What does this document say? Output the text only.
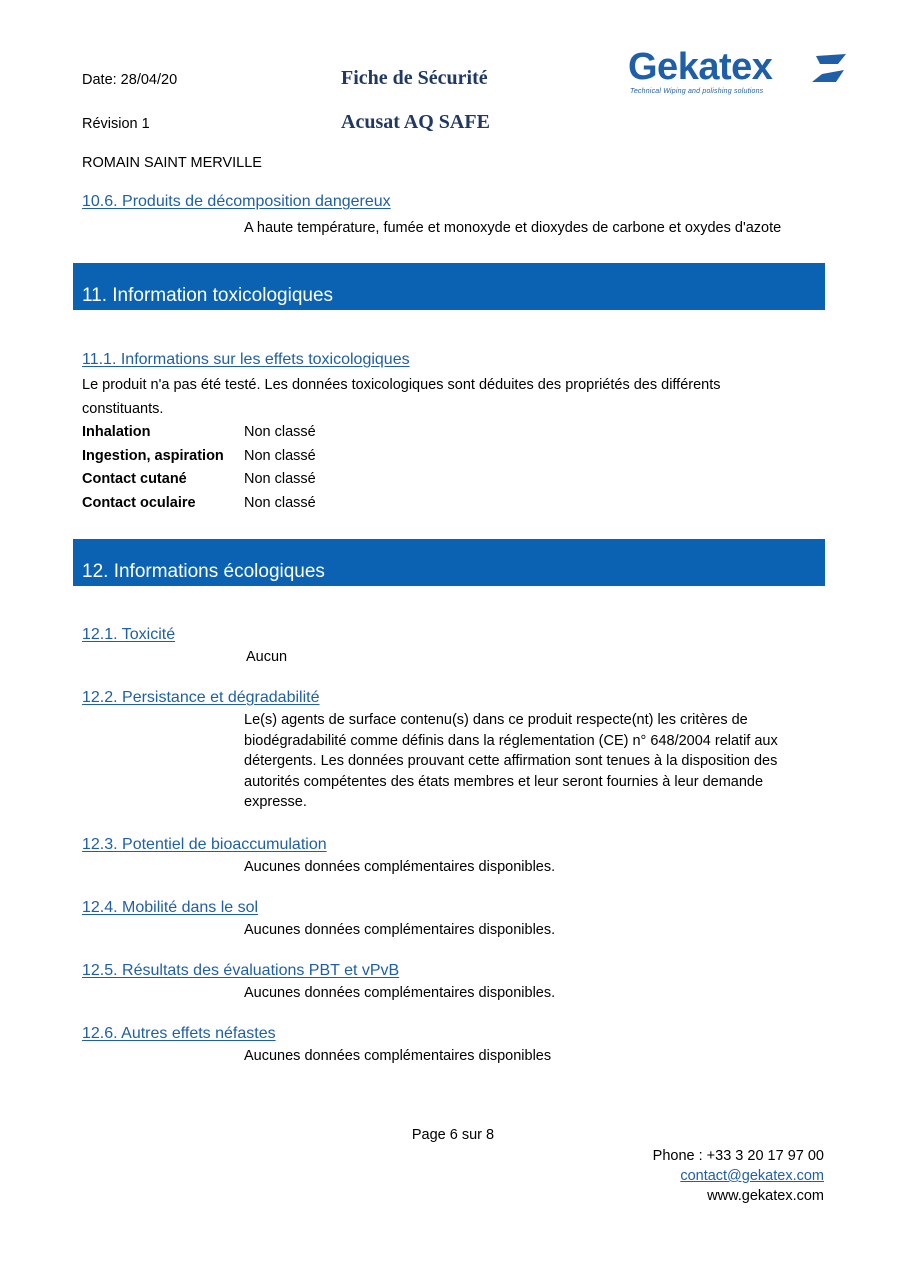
Date: 28/04/20
Révision 1
ROMAIN SAINT MERVILLE
Fiche de Sécurité
Acusat AQ SAFE
Gekatex
Technical Wiping and polishing solutions
10.6. Produits de décomposition dangereux
A haute température, fumée et monoxyde et dioxydes de carbone et oxydes d'azote
11. Information toxicologiques
11.1. Informations sur les effets toxicologiques
Le produit n'a pas été testé. Les données toxicologiques sont déduites des propriétés des différents
constituants.
Inhalation	Non classé
Ingestion, aspiration Non classé
Contact cutané	Non classé
Contact oculaire	Non classé
12. Informations écologiques
12.1. Toxicité
Aucun
12.2. Persistance et dégradabilité
Le(s) agents de surface contenu(s) dans ce produit respecte(nt) les critères de biodégradabilité comme définis dans la réglementation (CE) n° 648/2004 relatif aux détergents. Les données prouvant cette affirmation sont tenues à la disposition des autorités compétentes des états membres et leur seront fournies à leur demande expresse.
12.3. Potentiel de bioaccumulation
Aucunes données complémentaires disponibles.
12.4. Mobilité dans le sol
Aucunes données complémentaires disponibles.
12.5. Résultats des évaluations PBT et vPvB
Aucunes données complémentaires disponibles.
12.6. Autres effets néfastes
Aucunes données complémentaires disponibles
Page 6 sur 8
Phone : +33 3 20 17 97 00
contact@gekatex.com
www.gekatex.com
